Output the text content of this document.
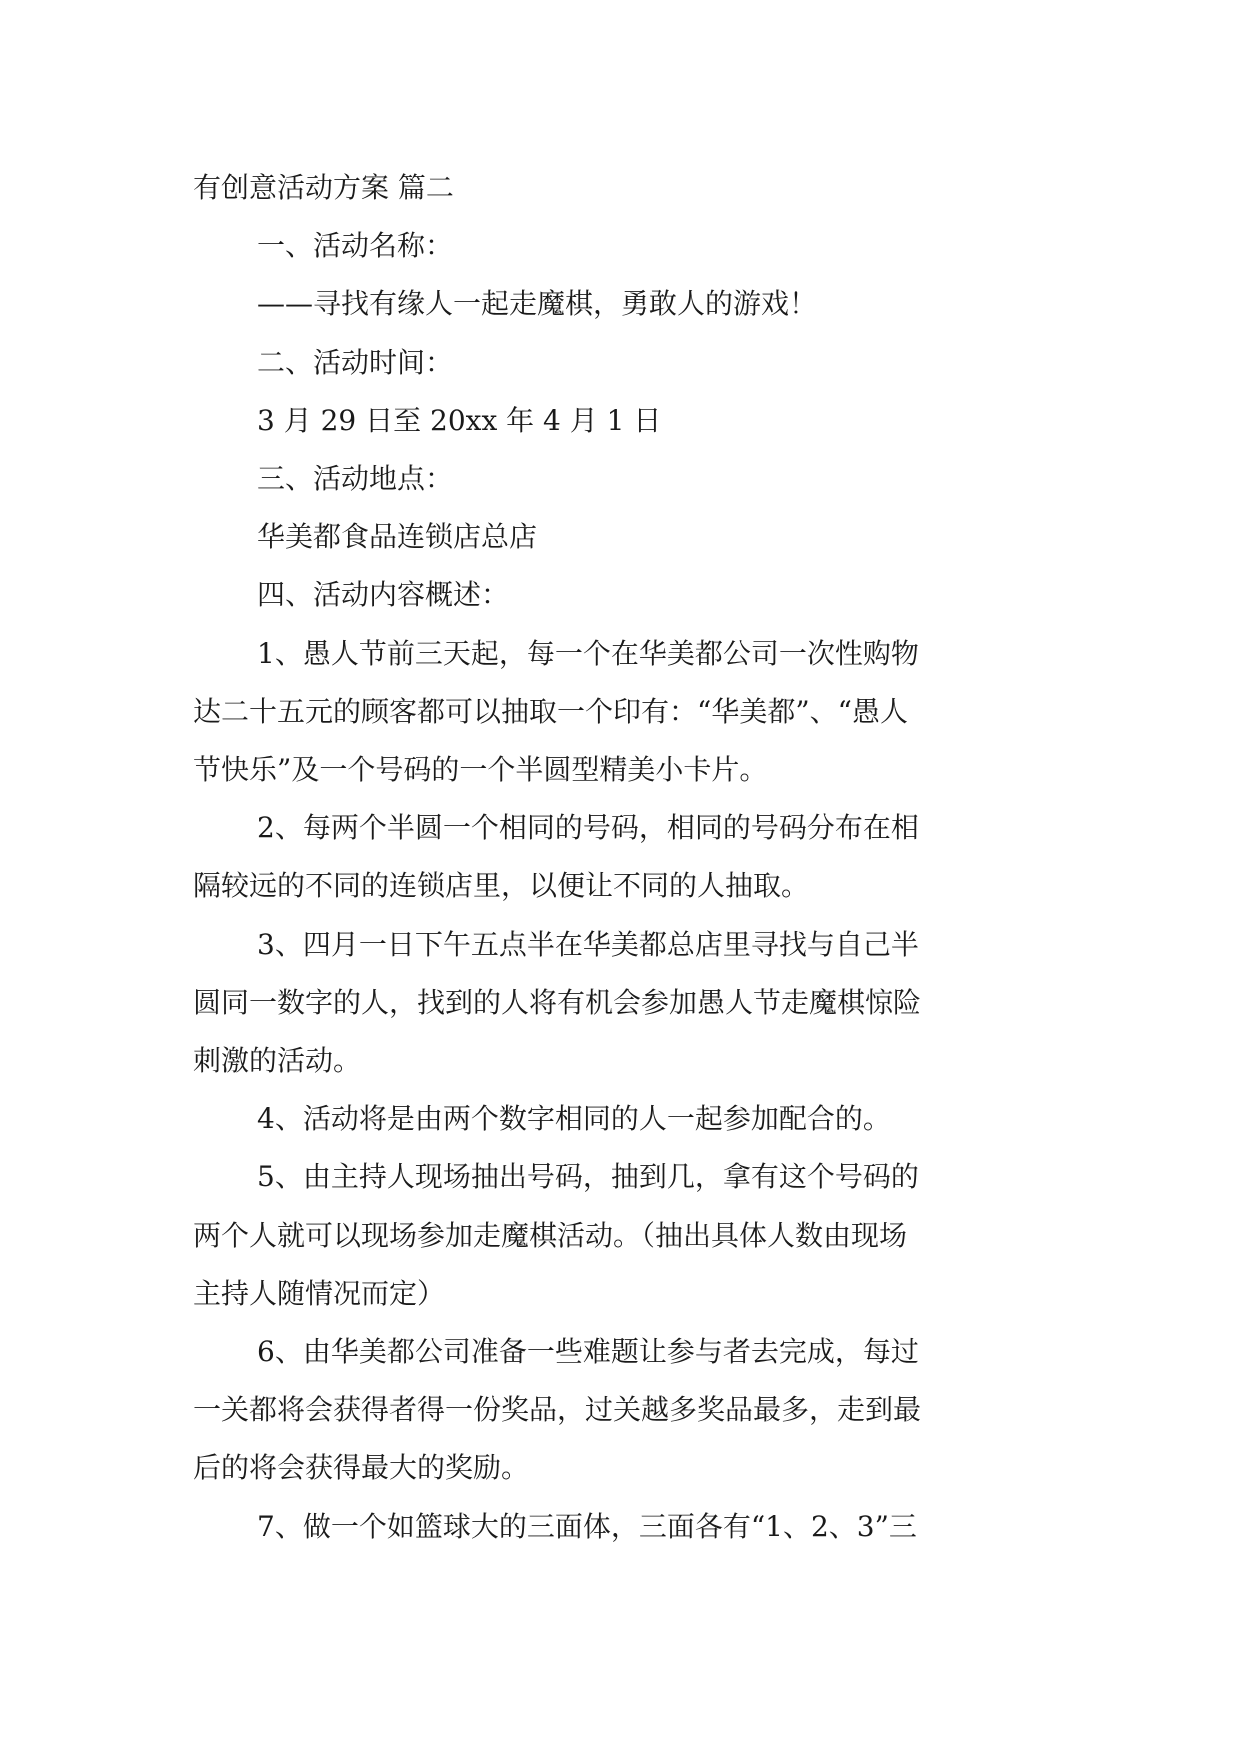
有创意活动方案 篇二

一、活动名称：

——寻找有缘人一起走魔棋，勇敢人的游戏！

二、活动时间：

3 月 29 日至 20xx 年 4 月 1 日

三、活动地点：

华美都食品连锁店总店

四、活动内容概述：

1、愚人节前三天起，每一个在华美都公司一次性购物

达二十五元的顾客都可以抽取一个印有：“华美都”、“愚人

节快乐”及一个号码的一个半圆型精美小卡片。

2、每两个半圆一个相同的号码，相同的号码分布在相

隔较远的不同的连锁店里，以便让不同的人抽取。

3、四月一日下午五点半在华美都总店里寻找与自己半

圆同一数字的人，找到的人将有机会参加愚人节走魔棋惊险

刺激的活动。

4、活动将是由两个数字相同的人一起参加配合的。

5、由主持人现场抽出号码，抽到几，拿有这个号码的

两个人就可以现场参加走魔棋活动。（抽出具体人数由现场

主持人随情况而定）

6、由华美都公司准备一些难题让参与者去完成，每过

一关都将会获得者得一份奖品，过关越多奖品最多，走到最

后的将会获得最大的奖励。

7、做一个如篮球大的三面体，三面各有“1、2、3”三
